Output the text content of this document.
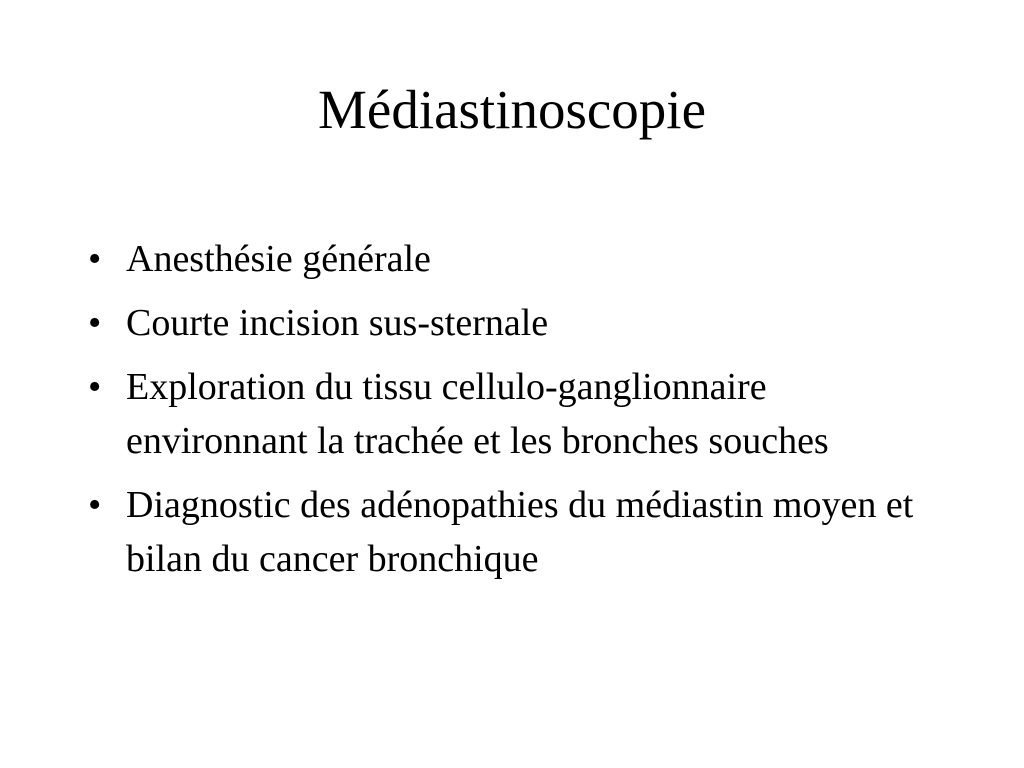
Médiastinoscopie
• Anesthésie générale
• Courte incision sus-sternale
• Exploration du tissu cellulo-ganglionnaire environnant la trachée et les bronches souches
• Diagnostic des adénopathies du médiastin moyen et bilan du cancer bronchique
